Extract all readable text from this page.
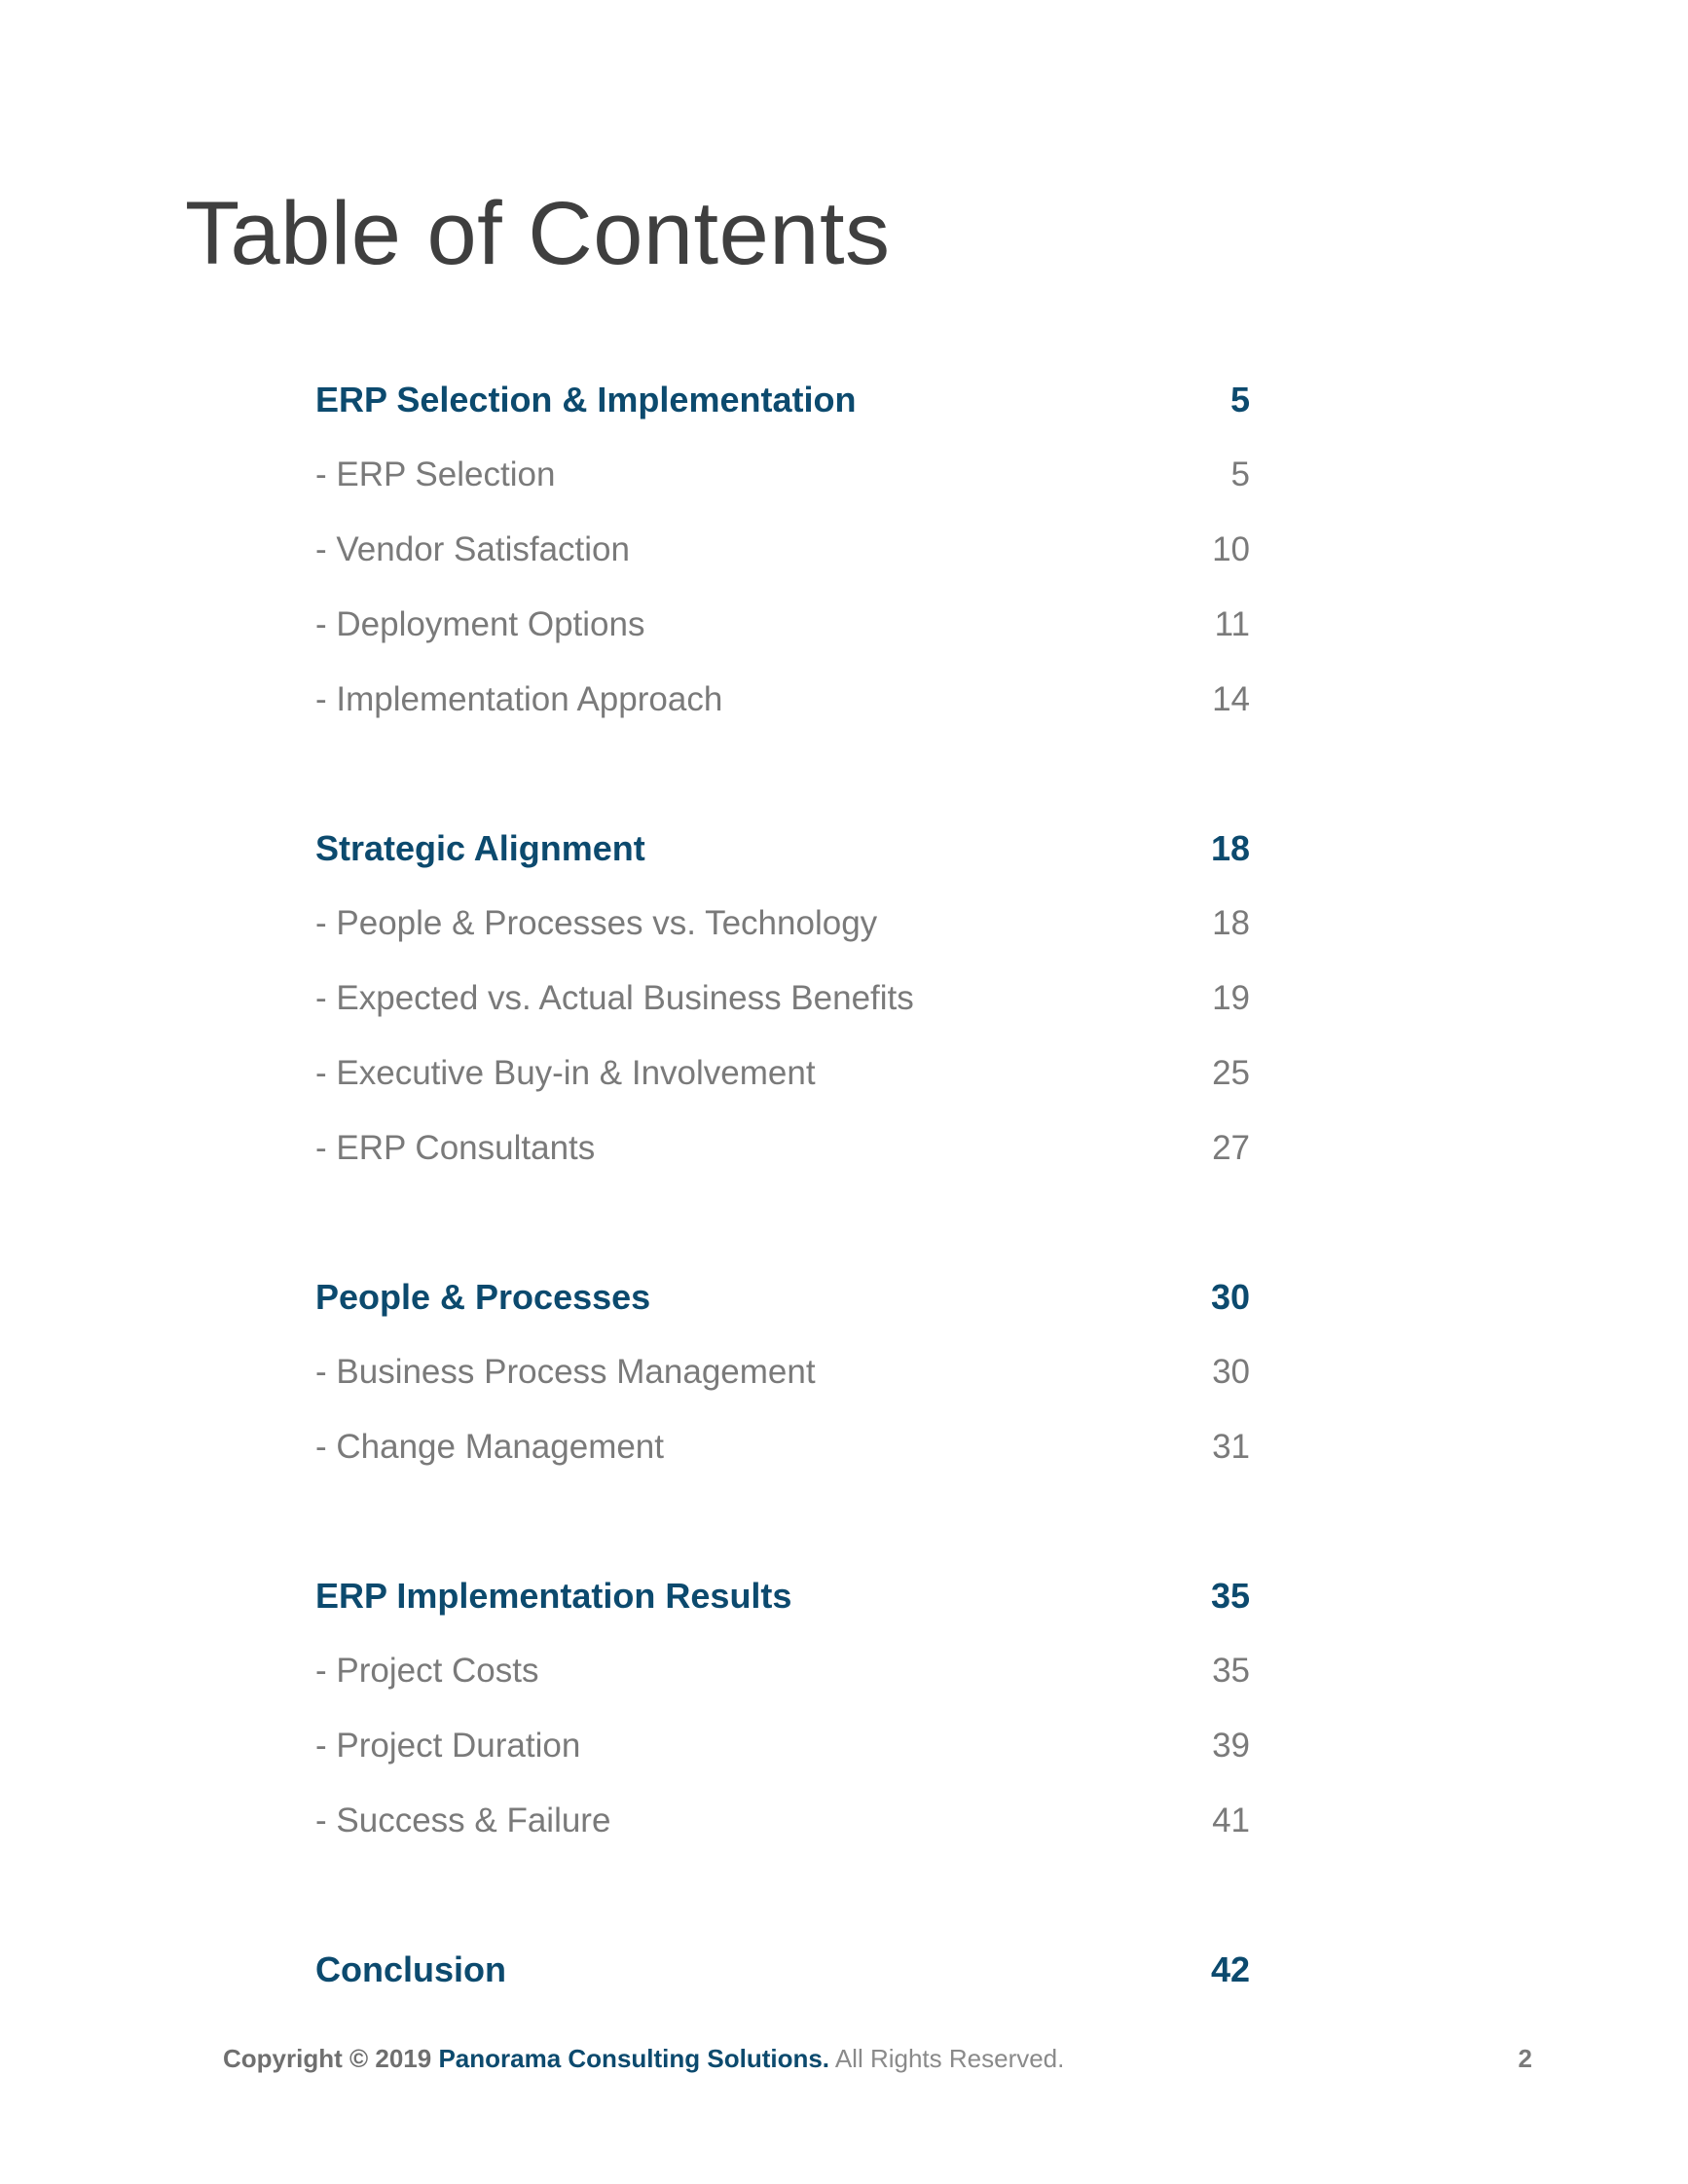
Table of Contents
ERP Selection & Implementation	5
- ERP Selection	5
- Vendor Satisfaction	10
- Deployment Options	11
- Implementation Approach	14
Strategic Alignment	18
- People & Processes vs. Technology	18
- Expected vs. Actual Business Benefits	19
- Executive Buy-in & Involvement	25
- ERP Consultants	27
People & Processes	30
- Business Process Management	30
- Change Management	31
ERP Implementation Results	35
- Project Costs	35
- Project Duration	39
- Success & Failure	41
Conclusion	42
Copyright © 2019 Panorama Consulting Solutions. All Rights Reserved.	2
